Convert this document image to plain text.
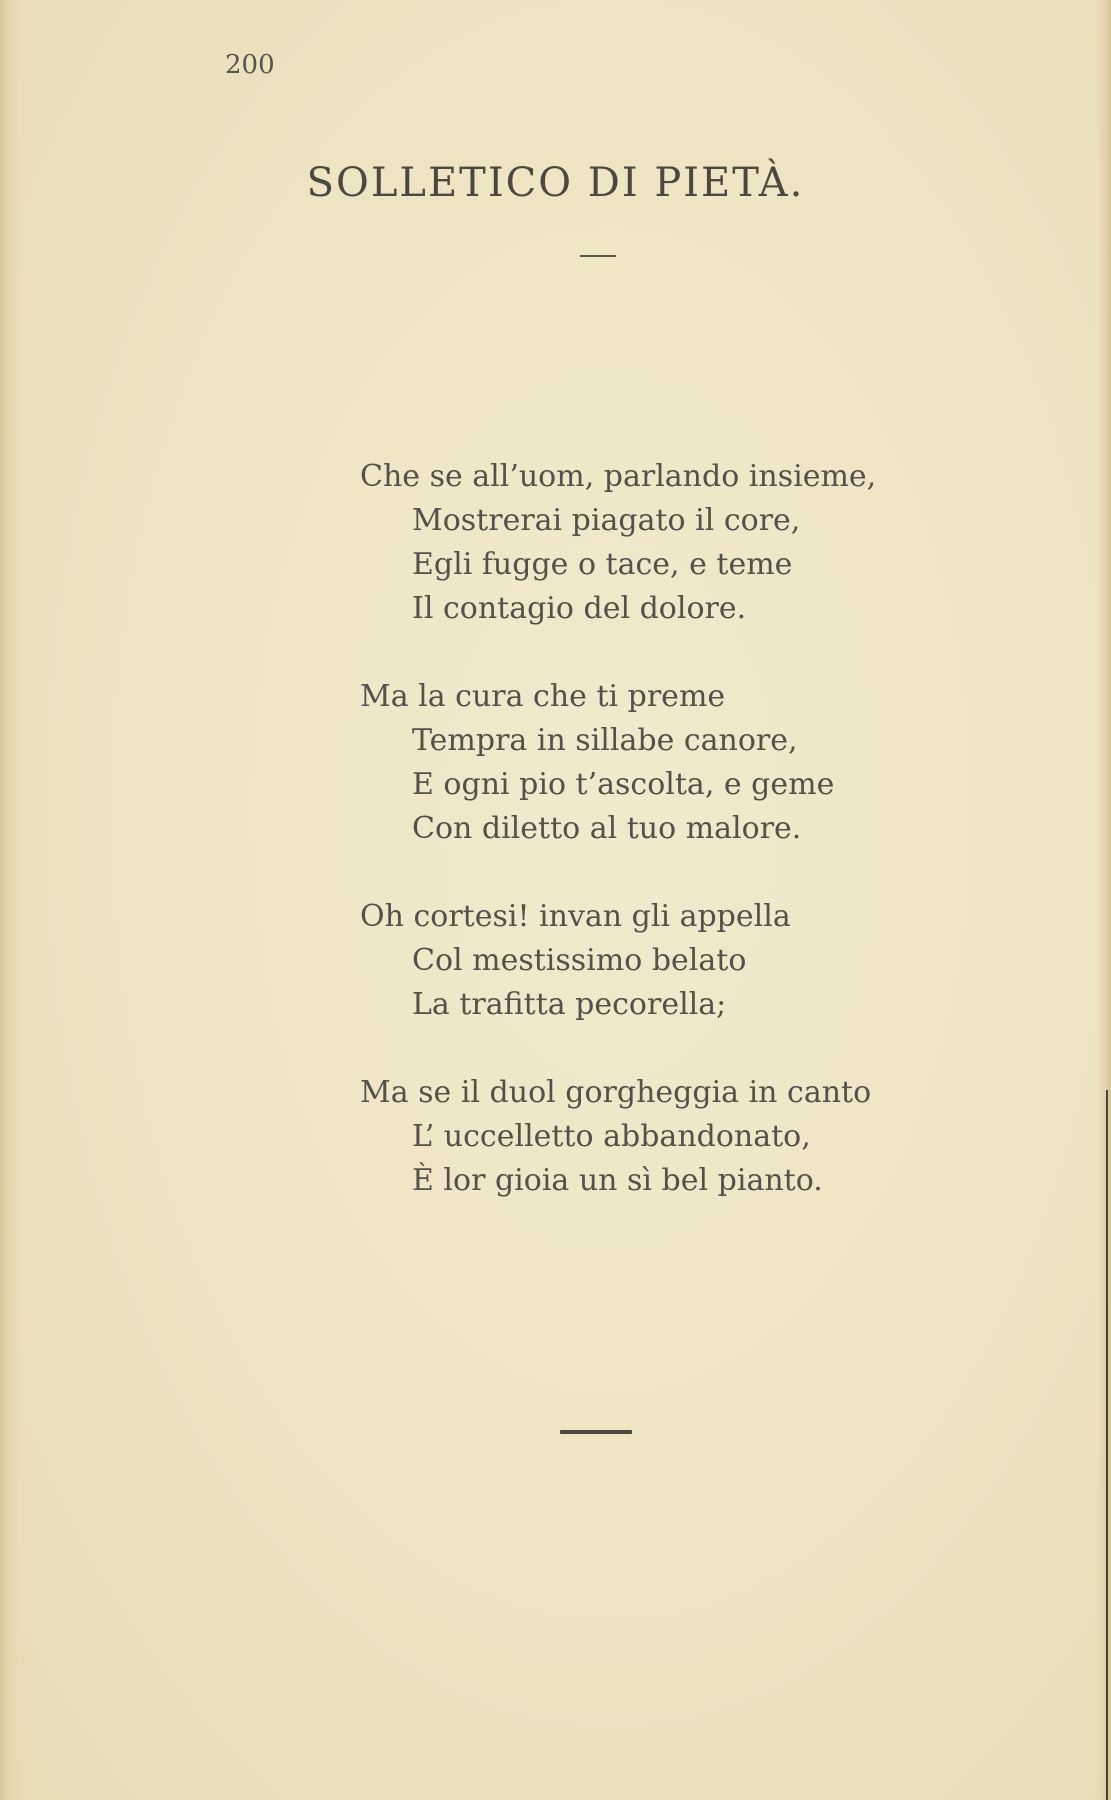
200
SOLLETICO DI PIETÀ.
Che se all’uom, parlando insieme,
Mostrerai piagato il core,
Egli fugge o tace, e teme
Il contagio del dolore.
Ma la cura che ti preme
Tempra in sillabe canore,
E ogni pio t’ascolta, e geme
Con diletto al tuo malore.
Oh cortesi! invan gli appella
Col mestissimo belato
La trafitta pecorella;
Ma se il duol gorgheggia in canto
L’ uccelletto abbandonato,
È lor gioia un sì bel pianto.
